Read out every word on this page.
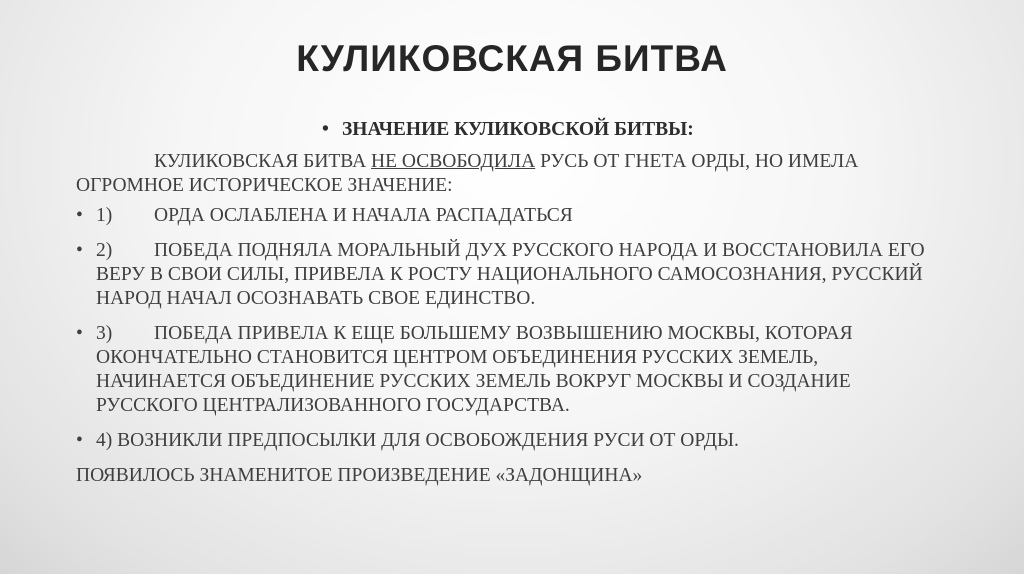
КУЛИКОВСКАЯ БИТВА
• ЗНАЧЕНИЕ КУЛИКОВСКОЙ БИТВЫ:

КУЛИКОВСКАЯ БИТВА НЕ ОСВОБОДИЛА РУСЬ ОТ ГНЕТА ОРДЫ, НО ИМЕЛА ОГРОМНОЕ ИСТОРИЧЕСКОЕ ЗНАЧЕНИЕ:

• 1) ОРДА ОСЛАБЛЕНА И НАЧАЛА РАСПАДАТЬСЯ
• 2) ПОБЕДА ПОДНЯЛА МОРАЛЬНЫЙ ДУХ РУССКОГО НАРОДА И ВОССТАНОВИЛА ЕГО ВЕРУ В СВОИ СИЛЫ, ПРИВЕЛА К РОСТУ НАЦИОНАЛЬНОГО САМОСОЗНАНИЯ, РУССКИЙ НАРОД НАЧАЛ ОСОЗНАВАТЬ СВОЕ ЕДИНСТВО.
• 3) ПОБЕДА ПРИВЕЛА К ЕЩЕ БОЛЬШЕМУ ВОЗВЫШЕНИЮ МОСКВЫ, КОТОРАЯ ОКОНЧАТЕЛЬНО СТАНОВИТСЯ ЦЕНТРОМ ОБЪЕДИНЕНИЯ РУССКИХ ЗЕМЕЛЬ, НАЧИНАЕТСЯ ОБЪЕДИНЕНИЕ РУССКИХ ЗЕМЕЛЬ ВОКРУГ МОСКВЫ И СОЗДАНИЕ РУССКОГО ЦЕНТРАЛИЗОВАННОГО ГОСУДАРСТВА.
• 4) ВОЗНИКЛИ ПРЕДПОСЫЛКИ ДЛЯ ОСВОБОЖДЕНИЯ РУСИ ОТ ОРДЫ.

ПОЯВИЛОСЬ ЗНАМЕНИТОЕ ПРОИЗВЕДЕНИЕ «ЗАДОНЩИНА»
